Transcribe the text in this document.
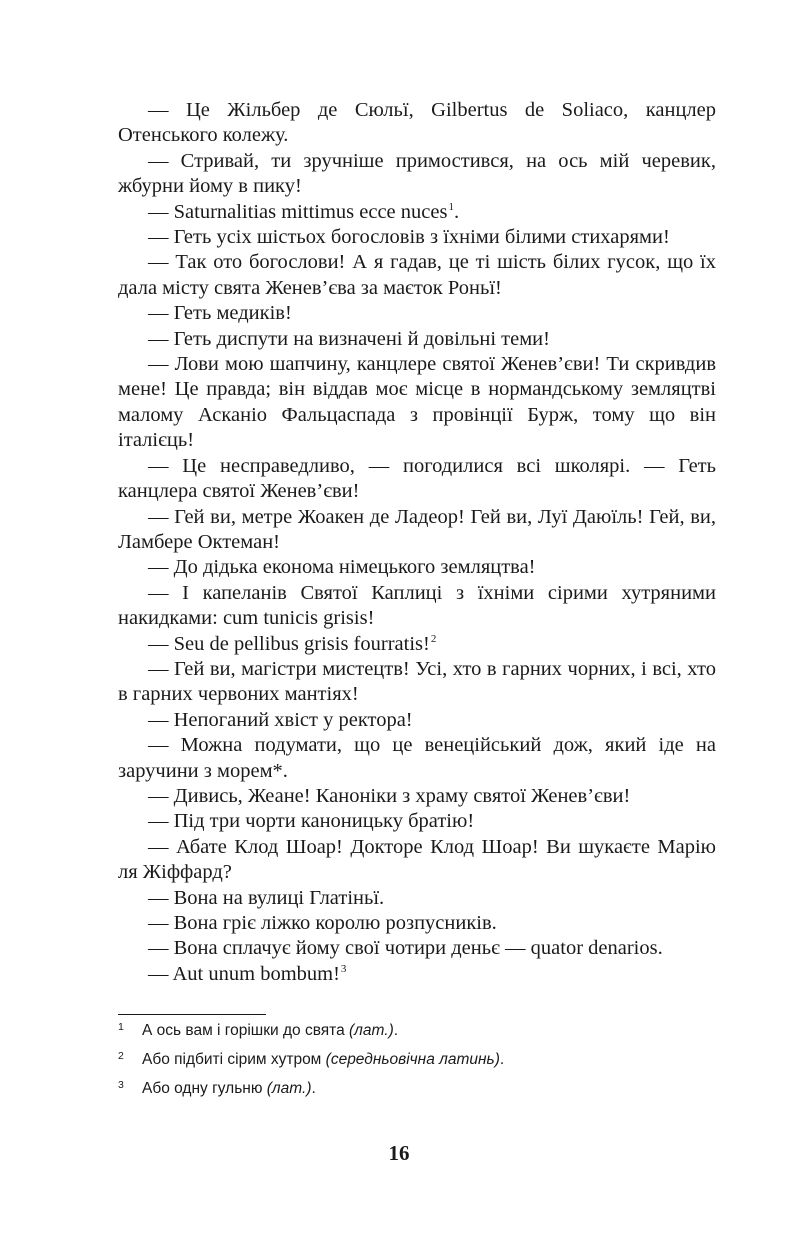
— Це Жільбер де Сюльї, Gilbertus de Soliaco, канцлер Отенського колежу.

— Стривай, ти зручніше примостився, на ось мій черевик, жбурни йому в пику!

— Saturnalitias mittimus ecce nuces$^1$.

— Геть усіх шістьох богословів з їхніми білими стихарями!

— Так ото богослови! А я гадав, це ті шість білих гусок, що їх дала місту свята Женев’єва за маєток Роньї!

— Геть медиків!

— Геть диспути на визначені й довільні теми!

— Лови мою шапчину, канцлере святої Женев’єви! Ти скривдив мене! Це правда; він віддав моє місце в нормандському земляцтві малому Асканіо Фальцаспада з провінції Бурж, тому що він італієць!

— Це несправедливо, — погодилися всі школярі. — Геть канцлера святої Женев’єви!

— Гей ви, метре Жоакен де Ладеор! Гей ви, Луї Даюїль! Гей, ви, Ламбере Октеман!

— До дідька економа німецького земляцтва!

— І капеланів Святої Каплиці з їхніми сірими хутряними накидками: cum tunicis grisis!

— Seu de pellibus grisis fourratis!$^2$

— Гей ви, магістри мистецтв! Усі, хто в гарних чорних, і всі, хто в гарних червоних мантіях!

— Непоганий хвіст у ректора!

— Можна подумати, що це венеційський дож, який іде на заручини з морем*.

— Дивись, Жеане! Каноніки з храму святої Женев’єви!

— Під три чорти каноницьку братію!

— Абате Клод Шоар! Докторе Клод Шоар! Ви шукаєте Марію ля Жіффард?

— Вона на вулиці Глатіньї.

— Вона гріє ліжко королю розпусників.

— Вона сплачує йому свої чотири деньє — quator denarios.

— Aut unum bombum!$^3$

1 А ось вам і горішки до свята (лат.).
2 Або підбиті сірим хутром (середньовічна латинь).
3 Або одну гульню (лат.).
16
